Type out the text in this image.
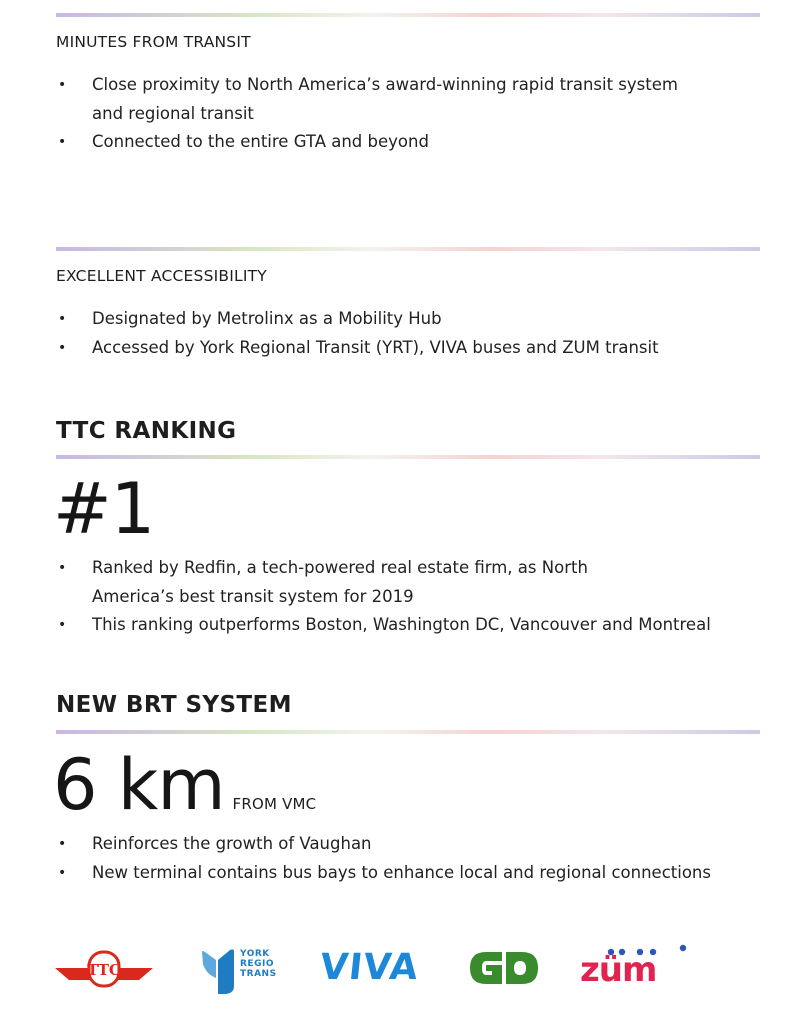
MINUTES FROM TRANSIT
• Close proximity to North America’s award-winning rapid transit system and regional transit
• Connected to the entire GTA and beyond
EXCELLENT ACCESSIBILITY
• Designated by Metrolinx as a Mobility Hub
• Accessed by York Regional Transit (YRT), VIVA buses and ZUM transit
TTC RANKING
#1
• Ranked by Redfin, a tech-powered real estate firm, as North America’s best transit system for 2019
• This ranking outperforms Boston, Washington DC, Vancouver and Montreal
NEW BRT SYSTEM
6 km FROM VMC
• Reinforces the growth of Vaughan
• New terminal contains bus bays to enhance local and regional connections
TTC
YORK
REGIO
TRANS VIVA	züm
